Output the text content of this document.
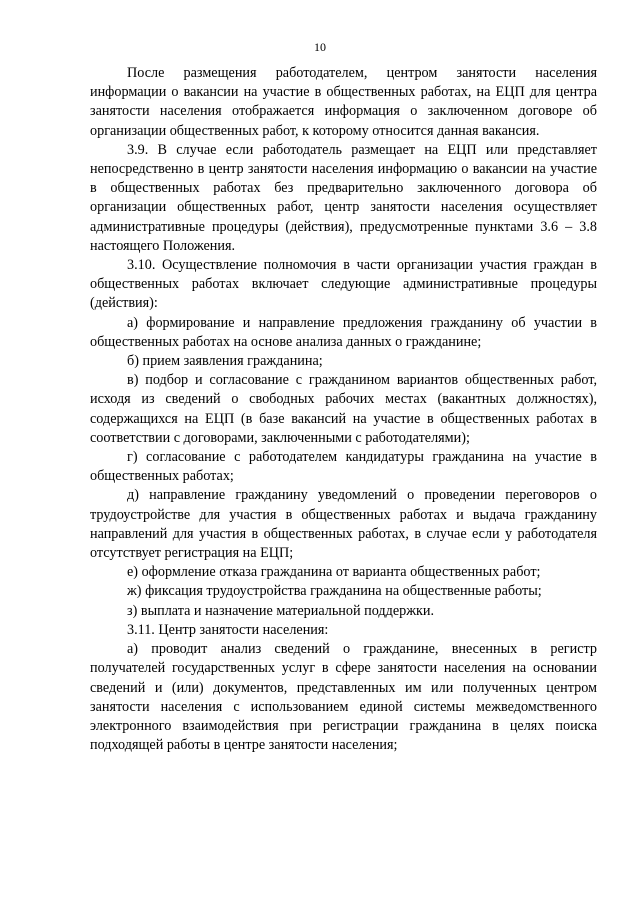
10

После размещения работодателем, центром занятости населения информации о вакансии на участие в общественных работах, на ЕЦП для центра занятости населения отображается информация о заключенном договоре об организации общественных работ, к которому относится данная вакансия.

3.9. В случае если работодатель размещает на ЕЦП или представляет непосредственно в центр занятости населения информацию о вакансии на участие в общественных работах без предварительно заключенного договора об организации общественных работ, центр занятости населения осуществляет административные процедуры (действия), предусмотренные пунктами 3.6 – 3.8 настоящего Положения.

3.10. Осуществление полномочия в части организации участия граждан в общественных работах включает следующие административные процедуры (действия):

а) формирование и направление предложения гражданину об участии в общественных работах на основе анализа данных о гражданине;

б) прием заявления гражданина;

в) подбор и согласование с гражданином вариантов общественных работ, исходя из сведений о свободных рабочих местах (вакантных должностях), содержащихся на ЕЦП (в базе вакансий на участие в общественных работах в соответствии с договорами, заключенными с работодателями);

г) согласование с работодателем кандидатуры гражданина на участие в общественных работах;

д) направление гражданину уведомлений о проведении переговоров о трудоустройстве для участия в общественных работах и выдача гражданину направлений для участия в общественных работах, в случае если у работодателя отсутствует регистрация на ЕЦП;

е) оформление отказа гражданина от варианта общественных работ;

ж) фиксация трудоустройства гражданина на общественные работы;

з) выплата и назначение материальной поддержки.

3.11. Центр занятости населения:

а) проводит анализ сведений о гражданине, внесенных в регистр получателей государственных услуг в сфере занятости населения на основании сведений и (или) документов, представленных им или полученных центром занятости населения с использованием единой системы межведомственного электронного взаимодействия при регистрации гражданина в целях поиска подходящей работы в центре занятости населения;
